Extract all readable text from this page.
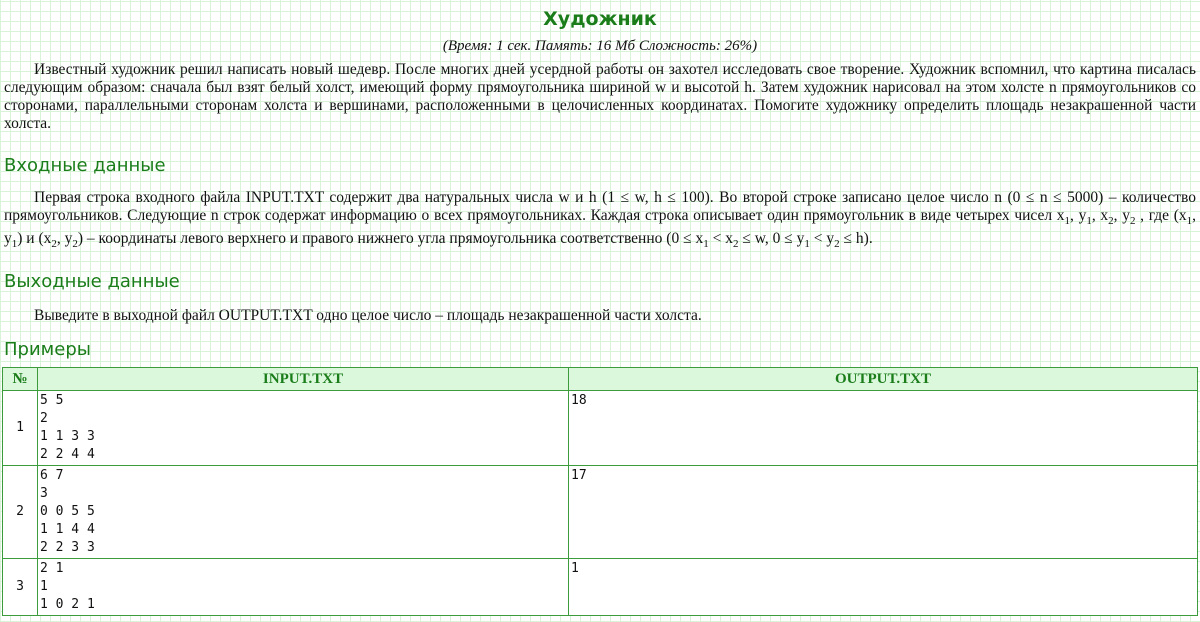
Художник
(Время: 1 сек. Память: 16 Мб Сложность: 26%)

Известный художник решил написать новый шедевр. После многих дней усердной работы он захотел исследовать свое творение. Художник вспомнил, что картина писалась следующим образом: сначала был взят белый холст, имеющий форму прямоугольника шириной w и высотой h. Затем художник нарисовал на этом холсте n прямоугольников со сторонами, параллельными сторонам холста и вершинами, расположенными в целочисленных координатах. Помогите художнику определить площадь незакрашенной части холста.

Входные данные

Первая строка входного файла INPUT.TXT содержит два натуральных числа w и h (1 ≤ w, h ≤ 100). Во второй строке записано целое число n (0 ≤ n ≤ 5000) – количество прямоугольников. Следующие n строк содержат информацию о всех прямоугольниках. Каждая строка описывает один прямоугольник в виде четырех чисел $x_1$, $y_1$, $x_2$, $y_2$ , где ($x_1$, $y_1$) и ($x_2$, $y_2$) – координаты левого верхнего и правого нижнего угла прямоугольника соответственно ($0 \le x_1 < x_2 \le w$, $0 \le y_1 < y_2 \le h$).

Выходные данные

Выведите в выходной файл OUTPUT.TXT одно целое число – площадь незакрашенной части холста.

Примеры
№	INPUT.TXT	OUTPUT.TXT
1	5 5
2
1 1 3 3
2 2 4 4	18
2	6 7
3
0 0 5 5
1 1 4 4
2 2 3 3	17
3	2 1
1
1 0 2 1	1
